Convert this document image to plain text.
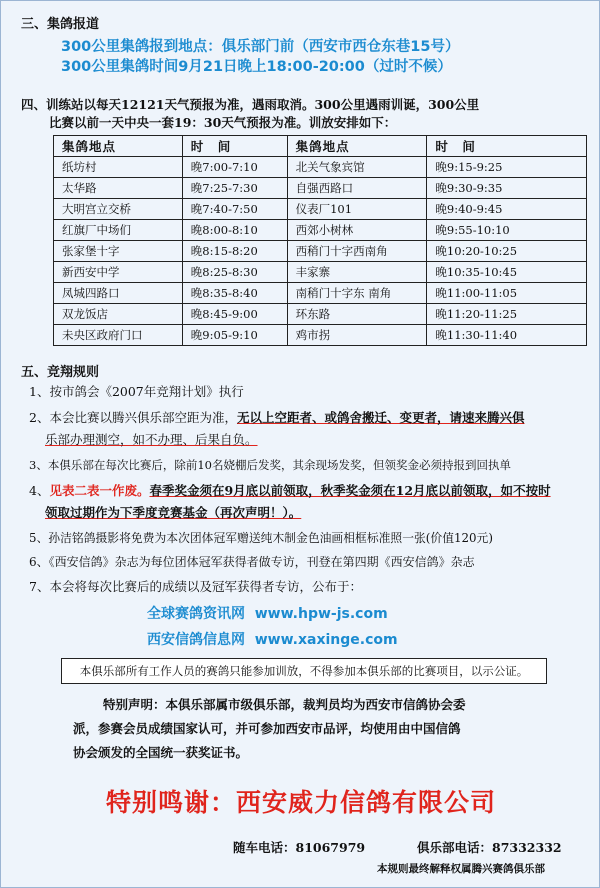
三、集鸽报道
300公里集鸽报到地点：俱乐部门前（西安市西仓东巷15号）
300公里集鸽时间9月21日晚上18:00-20:00（过时不候）
四、训练站以每天12121天气预报为准，遇雨取消。300公里遇雨训诞，300公里
比赛以前一天中央一套19：30天气预报为准。训放安排如下：
集鸽地点	时　间	集鸽地点	时　间
纸坊村	晚7:00-7:10	北关气象宾馆	晚9:15-9:25
太华路	晚7:25-7:30	自强西路口	晚9:30-9:35
大明宫立交桥	晚7:40-7:50	仪表厂101	晚9:40-9:45
红旗厂中场们	晚8:00-8:10	西郊小树林	晚9:55-10:10
张家堡十字	晚8:15-8:20	西稍门十字西南角	晚10:20-10:25
新西安中学	晚8:25-8:30	丰家寨	晚10:35-10:45
凤城四路口	晚8:35-8:40	南稍门十字东 南角	晚11:00-11:05
双龙饭店	晚8:45-9:00	环东路	晚11:20-11:25
未央区政府门口	晚9:05-9:10	鸡市拐	晚11:30-11:40
五、竞翔规则
1、按市鸽会《2007年竞翔计划》执行
2、本会比赛以腾兴俱乐部空距为准，无以上空距者、或鸽舍搬迁、变更者，请速来腾兴俱
乐部办理测空，如不办理、后果自负。
3、本俱乐部在每次比赛后，除前10名娆棚后发奖，其余现场发奖，但领奖金必须持报到回执单
4、见表二表一作废。春季奖金须在9月底以前领取，秋季奖金须在12月底以前领取，如不按时
领取过期作为下季度竞赛基金（再次声明！）。
5、孙洁铭鸽摄影将免费为本次团体冠军赠送纯木制金色油画相框标准照一张(价值120元)
6、《西安信鸽》杂志为每位团体冠军获得者做专访，刊登在第四期《西安信鸽》杂志
7、本会将每次比赛后的成绩以及冠军获得者专访，公布于：
全球赛鸽资讯网 www.hpw-js.com
西安信鸽信息网 www.xaxinge.com
本俱乐部所有工作人员的赛鸽只能参加训放，不得参加本俱乐部的比赛项目，以示公证。
特别声明：本俱乐部属市级俱乐部，裁判员均为西安市信鸽协会委
派，参赛会员成绩国家认可，并可参加西安市品评，均使用由中国信鸽
协会颁发的全国统一获奖证书。
特别鸣谢：西安威力信鸽有限公司
随车电话：81067979	俱乐部电话：87332332
本规则最终解释权属腾兴赛鸽俱乐部
